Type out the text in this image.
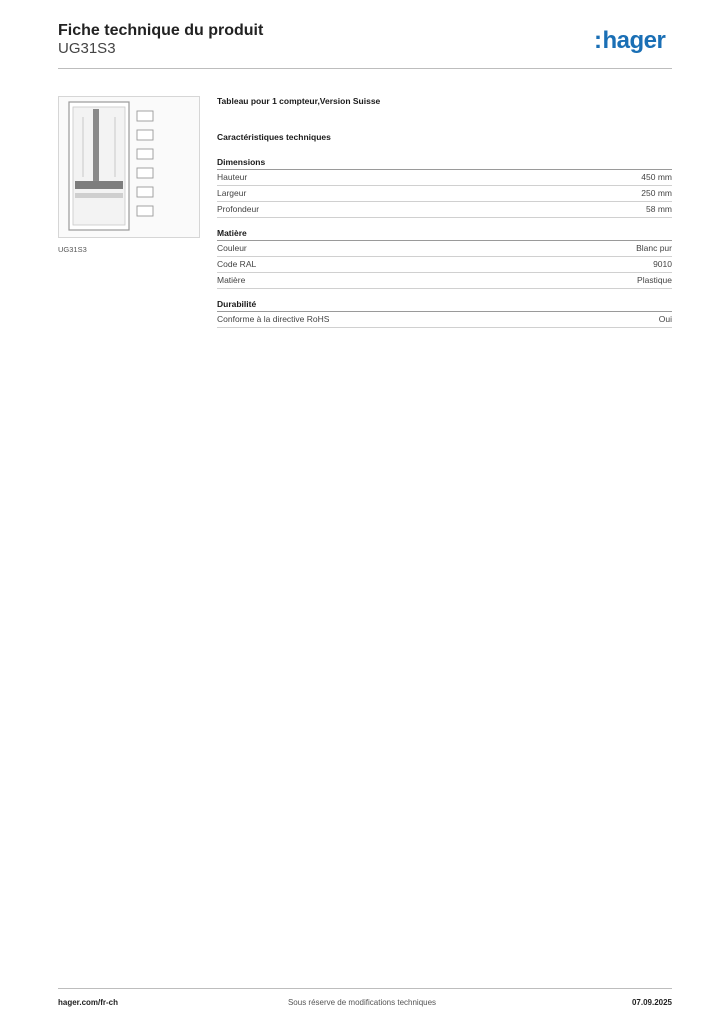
Fiche technique du produit
UG31S3	:hager
UG31S3
Tableau pour 1 compteur,Version Suisse
Caractéristiques techniques
Dimensions
Hauteur	450 mm
Largeur	250 mm
Profondeur	58 mm
Matière
Couleur	Blanc pur
Code RAL	9010
Matière	Plastique
Durabilité
Conforme à la directive RoHS	Oui
hager.com/fr-ch	Sous réserve de modifications techniques	07.09.2025
